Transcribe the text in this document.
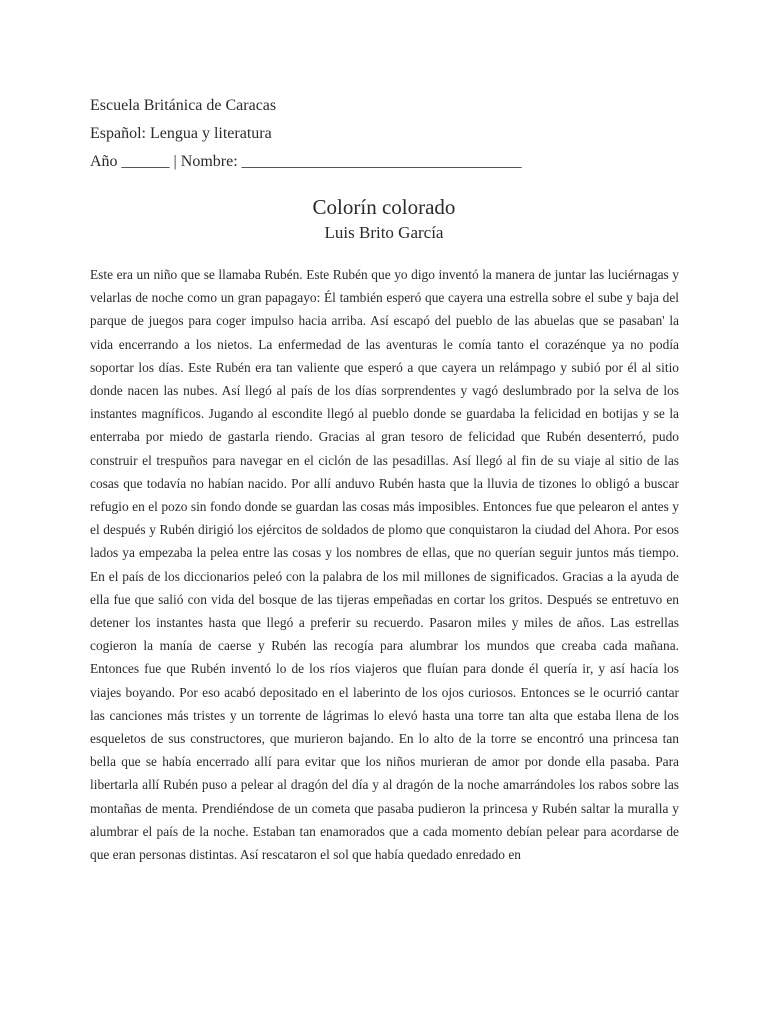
Escuela Británica de Caracas
Español: Lengua y literatura
Año ______ | Nombre: ___________________________________
Colorín colorado
Luis Brito García

Este era un niño que se llamaba Rubén. Este Rubén que yo digo inventó la manera de juntar las luciérnagas y velarlas de noche como un gran papagayo: Él también esperó que cayera una estrella sobre el sube y baja del parque de juegos para coger impulso hacia arriba. Así escapó del pueblo de las abuelas que se pasaban' la vida encerrando a los nietos. La enfermedad de las aventuras le comía tanto el corazénque ya no podía soportar los días. Este Rubén era tan valiente que esperó a que cayera un relámpago y subió por él al sitio donde nacen las nubes. Así llegó al país de los días sorprendentes y vagó deslumbrado por la selva de los instantes magníficos. Jugando al escondite llegó al pueblo donde se guardaba la felicidad en botijas y se la enterraba por miedo de gastarla riendo. Gracias al gran tesoro de felicidad que Rubén desenterró, pudo construir el trespuños para navegar en el ciclón de las pesadillas. Así llegó al fin de su viaje al sitio de las cosas que todavía no habían nacido. Por allí anduvo Rubén hasta que la lluvia de tizones lo obligó a buscar refugio en el pozo sin fondo donde se guardan las cosas más imposibles. Entonces fue que pelearon el antes y el después y Rubén dirigió los ejércitos de soldados de plomo que conquistaron la ciudad del Ahora. Por esos lados ya empezaba la pelea entre las cosas y los nombres de ellas, que no querían seguir juntos más tiempo. En el país de los diccionarios peleó con la palabra de los mil millones de significados. Gracias a la ayuda de ella fue que salió con vida del bosque de las tijeras empeñadas en cortar los gritos. Después se entretuvo en detener los instantes hasta que llegó a preferir su recuerdo. Pasaron miles y miles de años. Las estrellas cogieron la manía de caerse y Rubén las recogía para alumbrar los mundos que creaba cada mañana. Entonces fue que Rubén inventó lo de los ríos viajeros que fluían para donde él quería ir, y así hacía los viajes boyando. Por eso acabó depositado en el laberinto de los ojos curiosos. Entonces se le ocurrió cantar las canciones más tristes y un torrente de lágrimas lo elevó hasta una torre tan alta que estaba llena de los esqueletos de sus constructores, que murieron bajando. En lo alto de la torre se encontró una princesa tan bella que se había encerrado allí para evitar que los niños murieran de amor por donde ella pasaba. Para libertarla allí Rubén puso a pelear al dragón del día y al dragón de la noche amarrándoles los rabos sobre las montañas de menta. Prendiéndose de un cometa que pasaba pudieron la princesa y Rubén saltar la muralla y alumbrar el país de la noche. Estaban tan enamorados que a cada momento debían pelear para acordarse de que eran personas distintas. Así rescataron el sol que había quedado enredado en
